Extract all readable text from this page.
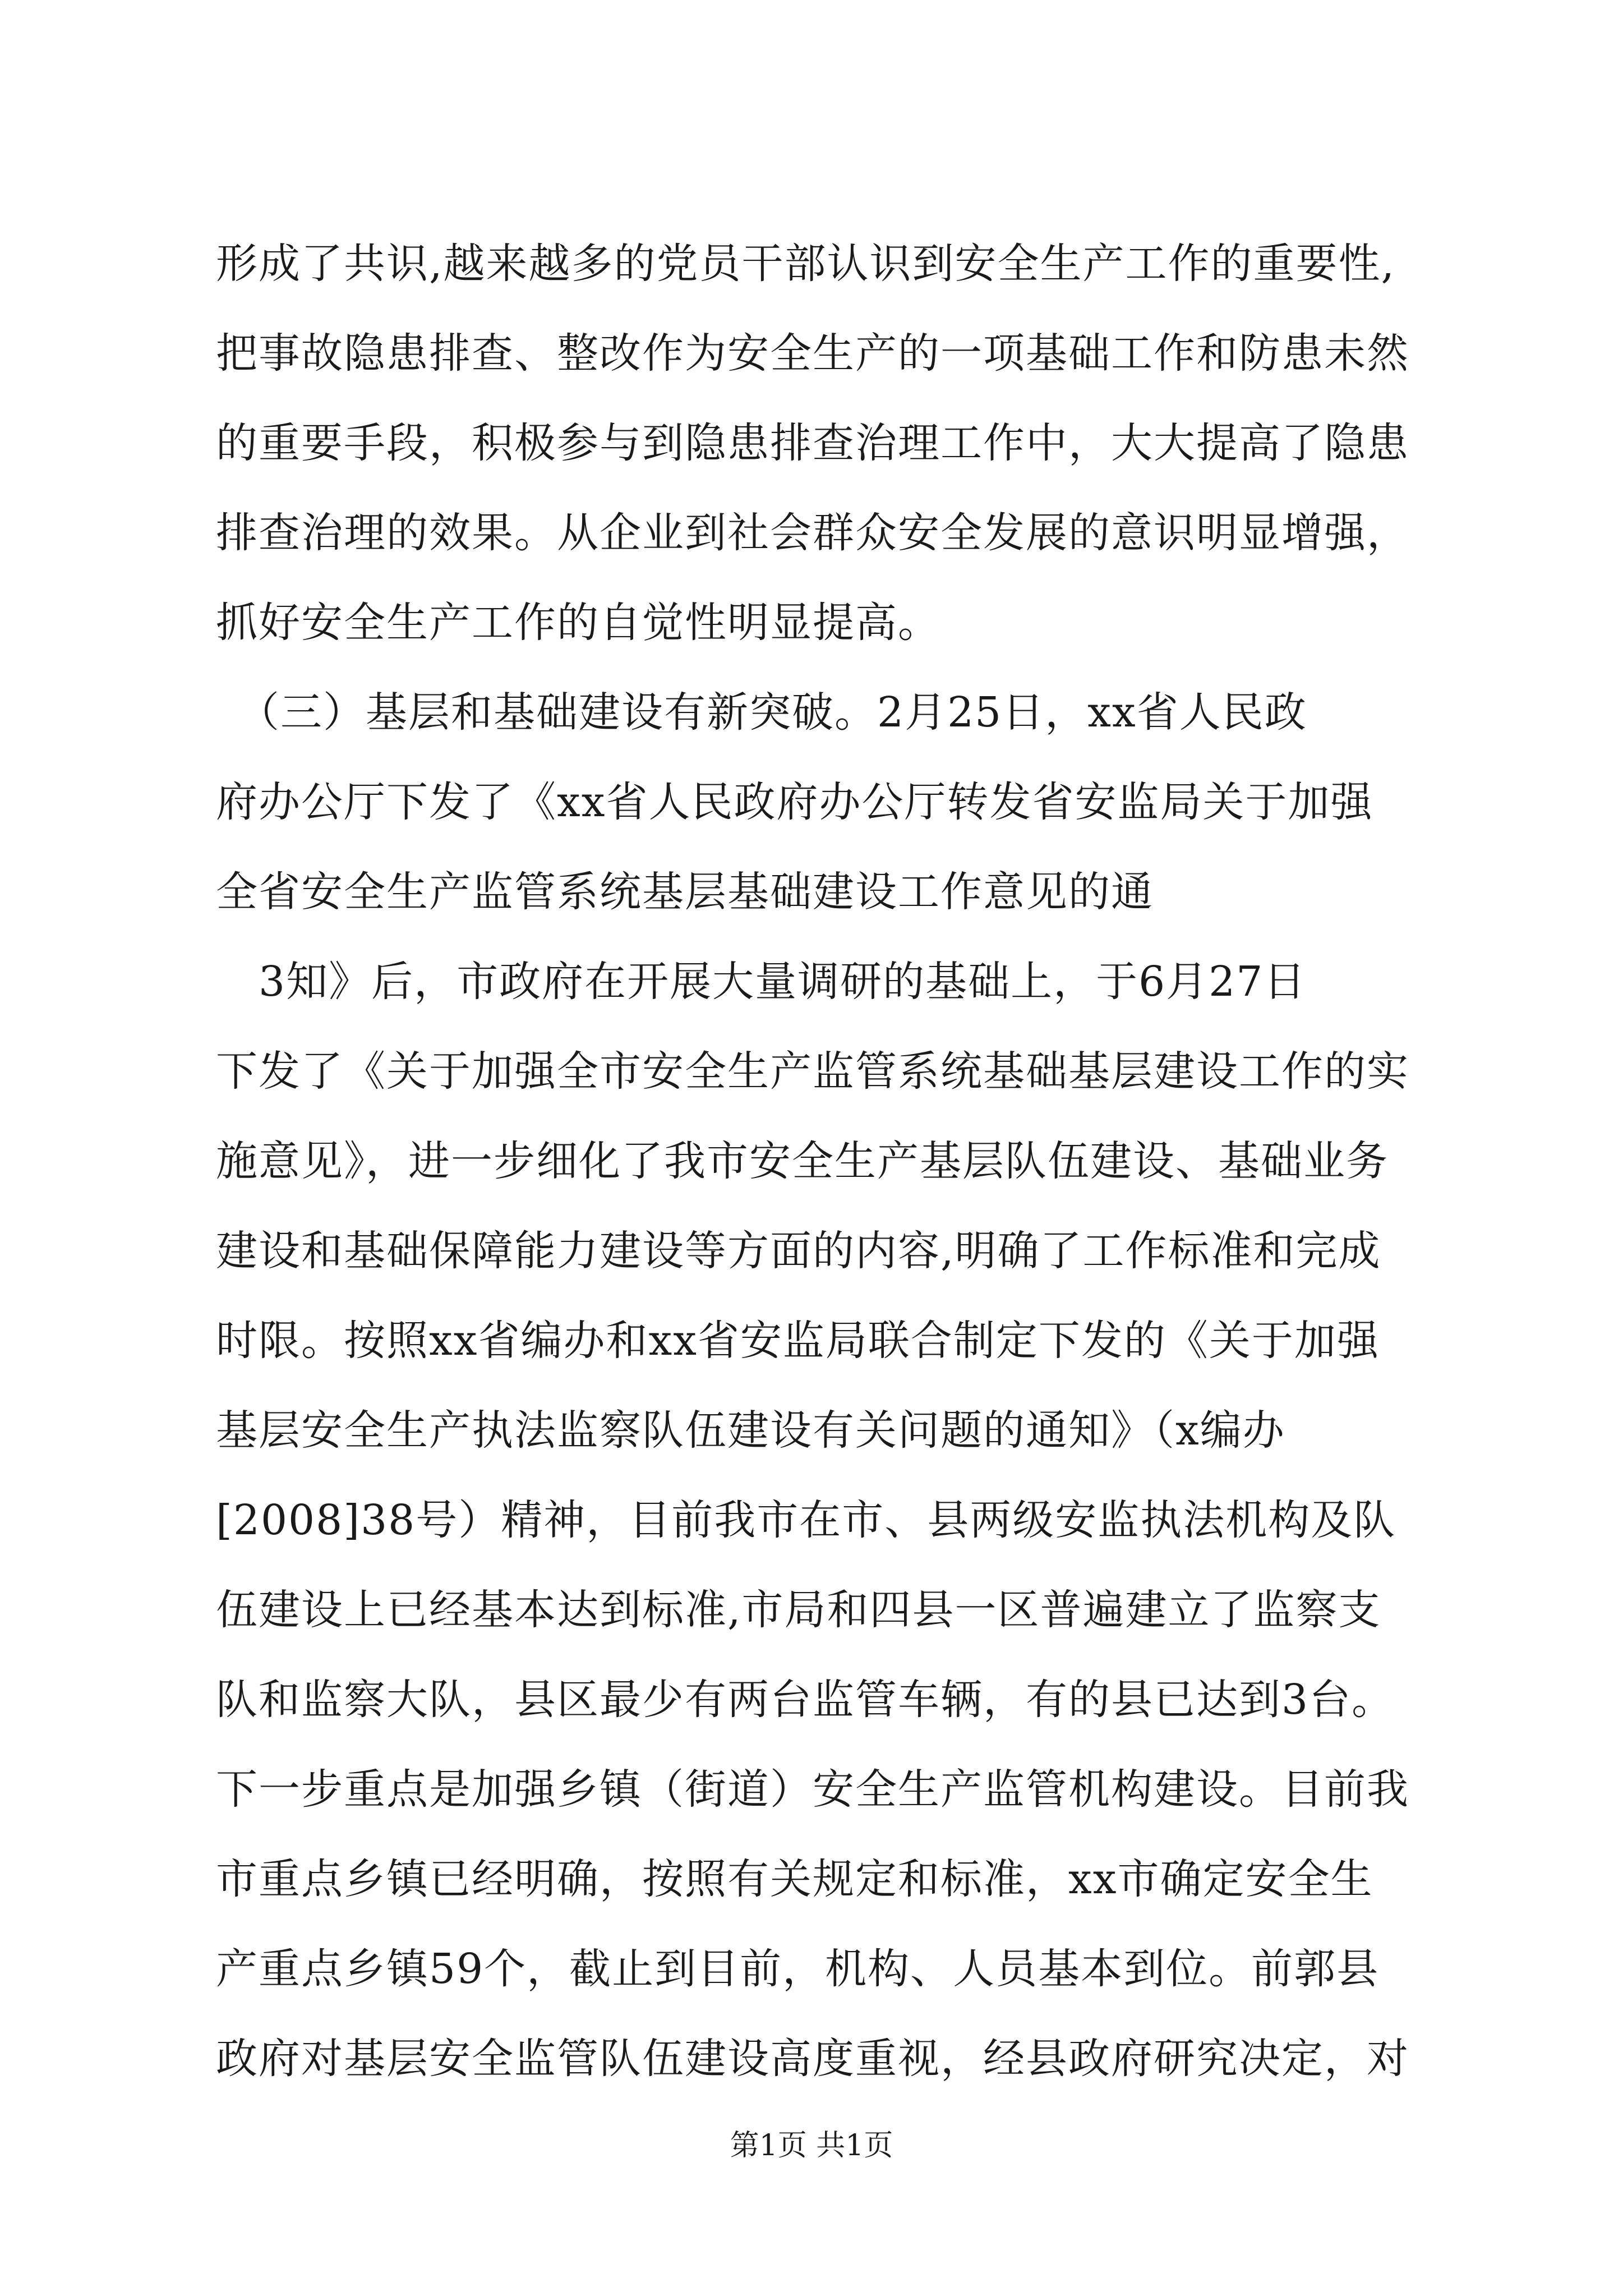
形成了共识,越来越多的党员干部认识到安全生产工作的重要性,
把事故隐患排查、整改作为安全生产的一项基础工作和防患未然
的重要手段，积极参与到隐患排查治理工作中，大大提高了隐患
排查治理的效果。从企业到社会群众安全发展的意识明显增强，
抓好安全生产工作的自觉性明显提高。
　（三）基层和基础建设有新突破。2月25日，xx省人民政
府办公厅下发了《xx省人民政府办公厅转发省安监局关于加强
全省安全生产监管系统基层基础建设工作意见的通
　3知》后，市政府在开展大量调研的基础上，于6月27日
下发了《关于加强全市安全生产监管系统基础基层建设工作的实
施意见》，进一步细化了我市安全生产基层队伍建设、基础业务
建设和基础保障能力建设等方面的内容,明确了工作标准和完成
时限。按照xx省编办和xx省安监局联合制定下发的《关于加强
基层安全生产执法监察队伍建设有关问题的通知》（x编办
[2008]38号）精神，目前我市在市、县两级安监执法机构及队
伍建设上已经基本达到标准,市局和四县一区普遍建立了监察支
队和监察大队，县区最少有两台监管车辆，有的县已达到3台。
下一步重点是加强乡镇（街道）安全生产监管机构建设。目前我
市重点乡镇已经明确，按照有关规定和标准，xx市确定安全生
产重点乡镇59个，截止到目前，机构、人员基本到位。前郭县
政府对基层安全监管队伍建设高度重视，经县政府研究决定，对
第1页 共1页
